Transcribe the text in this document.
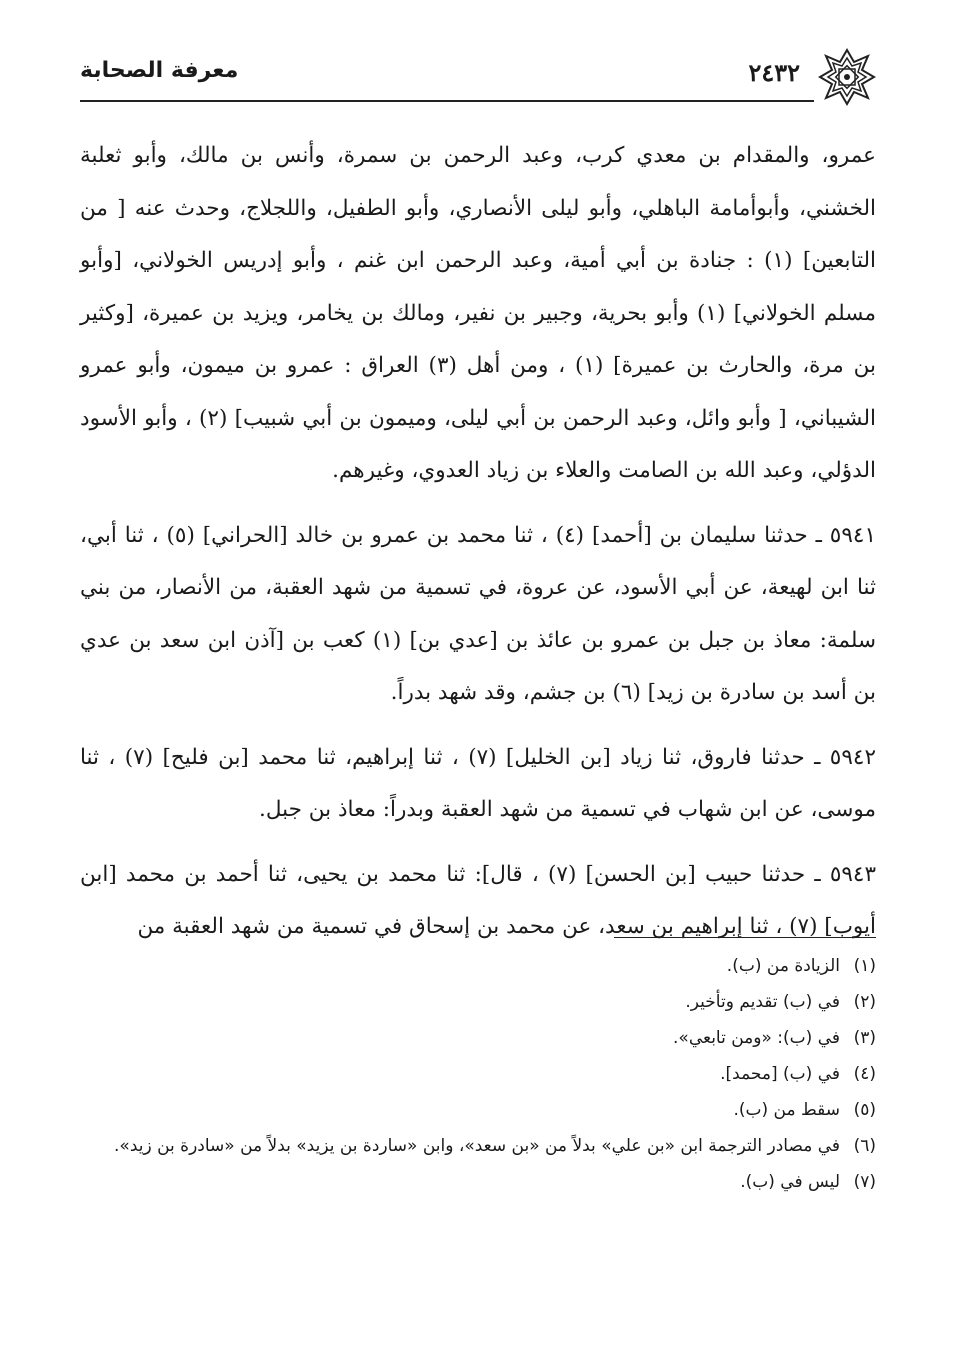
٢٤٣٢
معرفة الصحابة

عمرو، والمقدام بن معدي كرب، وعبد الرحمن بن سمرة، وأنس بن مالك، وأبو ثعلبة الخشني، وأبوأمامة الباهلي، وأبو ليلى الأنصاري، وأبو الطفيل، واللجلاج، وحدث عنه [ من التابعين] (١) : جنادة بن أبي أمية، وعبد الرحمن ابن غنم ، وأبو إدريس الخولاني، [وأبو مسلم الخولاني] (١) وأبو بحرية، وجبير بن نفير، ومالك بن يخامر، ويزيد بن عميرة، [وكثير بن مرة، والحارث بن عميرة] (١) ، ومن أهل (٣) العراق : عمرو بن ميمون، وأبو عمرو الشيباني، [ وأبو وائل، وعبد الرحمن بن أبي ليلى، وميمون بن أبي شبيب] (٢) ، وأبو الأسود الدؤلي، وعبد الله بن الصامت والعلاء بن زياد العدوي، وغيرهم.

٥٩٤١ ـ حدثنا سليمان بن [أحمد] (٤) ، ثنا محمد بن عمرو بن خالد [الحراني] (٥) ، ثنا أبي، ثنا ابن لهيعة، عن أبي الأسود، عن عروة، في تسمية من شهد العقبة، من الأنصار، من بني سلمة: معاذ بن جبل بن عمرو بن عائذ بن [عدي بن] (١) كعب بن [آذن ابن سعد بن عدي بن أسد بن سادرة بن زيد] (٦) بن جشم، وقد شهد بدراً.

٥٩٤٢ ـ حدثنا فاروق، ثنا زياد [بن الخليل] (٧) ، ثنا إبراهيم، ثنا محمد [بن فليح] (٧) ، ثنا موسى، عن ابن شهاب في تسمية من شهد العقبة وبدراً: معاذ بن جبل.

٥٩٤٣ ـ حدثنا حبيب [بن الحسن] (٧) ، قال]: ثنا محمد بن يحيى، ثنا أحمد بن محمد [ابن أيوب] (٧) ، ثنا إبراهيم بن سعد، عن محمد بن إسحاق في تسمية من شهد العقبة من

(١)
الزيادة من (ب).
(٢)
في (ب) تقديم وتأخير.
(٣)
في (ب): «ومن تابعي».
(٤)
في (ب) [محمد].
(٥)
سقط من (ب).
(٦)
في مصادر الترجمة ابن «بن علي» بدلاً من «بن سعد»، وابن «ساردة بن يزيد» بدلاً من «سادرة بن زيد».
(٧)
ليس في (ب).
